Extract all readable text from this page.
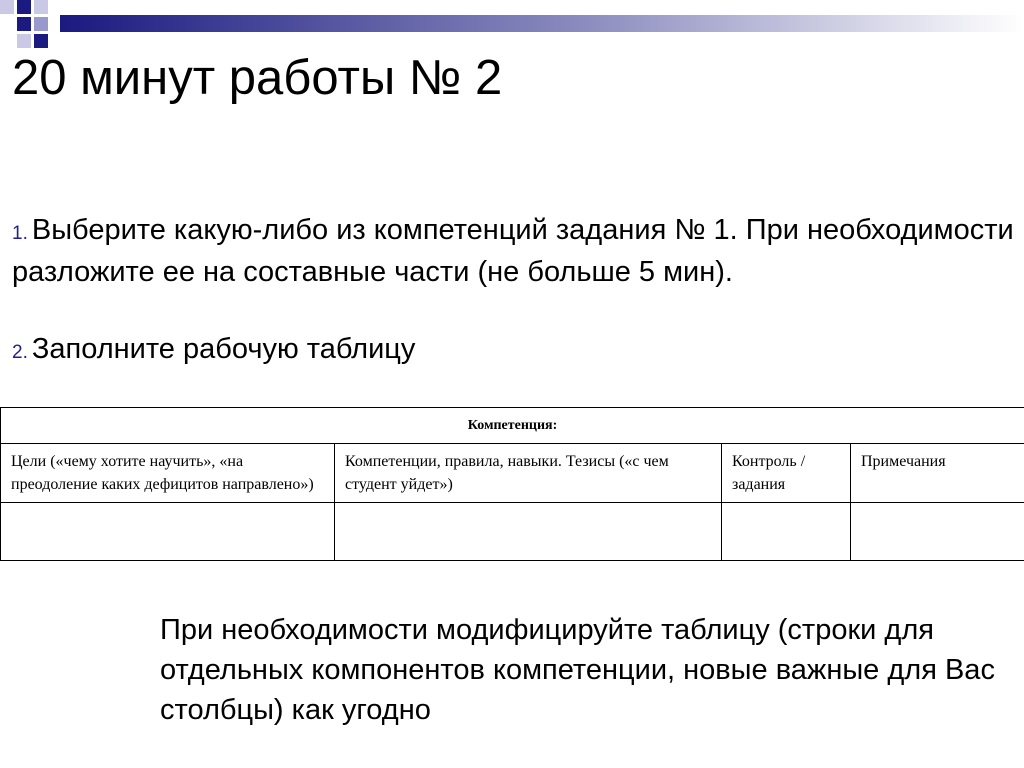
20 минут работы № 2
1. Выберите какую-либо из компетенций задания № 1. При необходимости разложите ее на составные части (не больше 5 мин).
2. Заполните рабочую таблицу
Компетенция:			
Цели («чему хотите научить», «на преодоление каких дефицитов направлено»)	Компетенции, правила, навыки. Тезисы («с чем студент уйдет»)	Контроль / задания	Примечания

При необходимости модифицируйте таблицу (строки для отдельных компонентов компетенции, новые важные для Вас столбцы) как угодно
